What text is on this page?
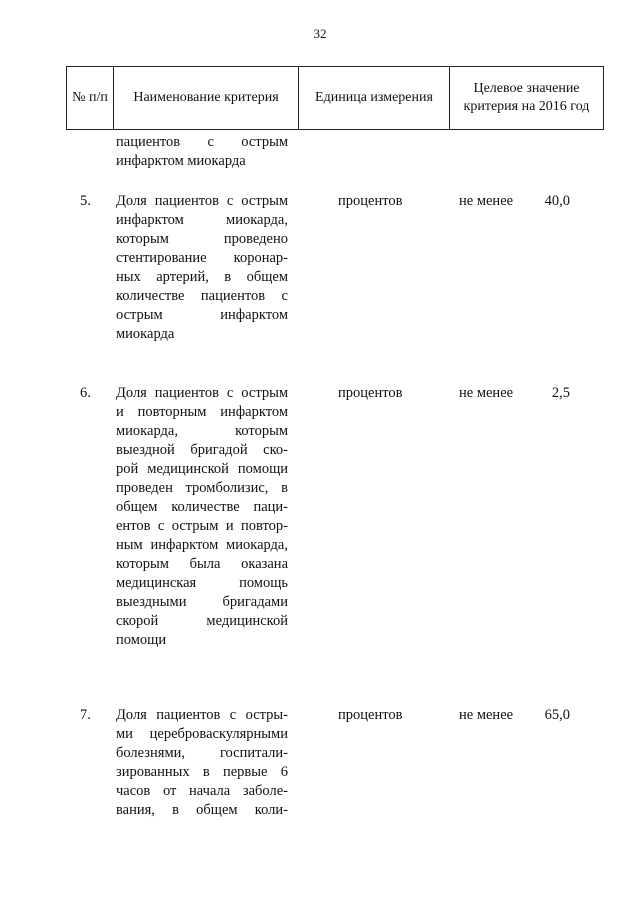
32
№ п/п	Наименование критерия	Единица измерения	Целевое значение критерия на 2016 год
пациентов с острым
инфарктом миокарда
5. Доля пациентов с острым
инфарктом миокарда,
которым проведено
стентирование коронар-
ных артерий, в общем
количестве пациентов с
острым инфарктом
миокарда
процентов	не менее 40,0
6. Доля пациентов с острым
и повторным инфарктом
миокарда, которым
выездной бригадой ско-
рой медицинской помощи
проведен тромболизис, в
общем количестве паци-
ентов с острым и повтор-
ным инфарктом миокарда,
которым была оказана
медицинская помощь
выездными бригадами
скорой медицинской
помощи
процентов	не менее	2,5
7. Доля пациентов с остры-
ми цереброваскулярными
болезнями, госпитали-
зированных в первые 6
часов от начала заболе-
вания, в общем коли-
процентов	не менее 65,0
